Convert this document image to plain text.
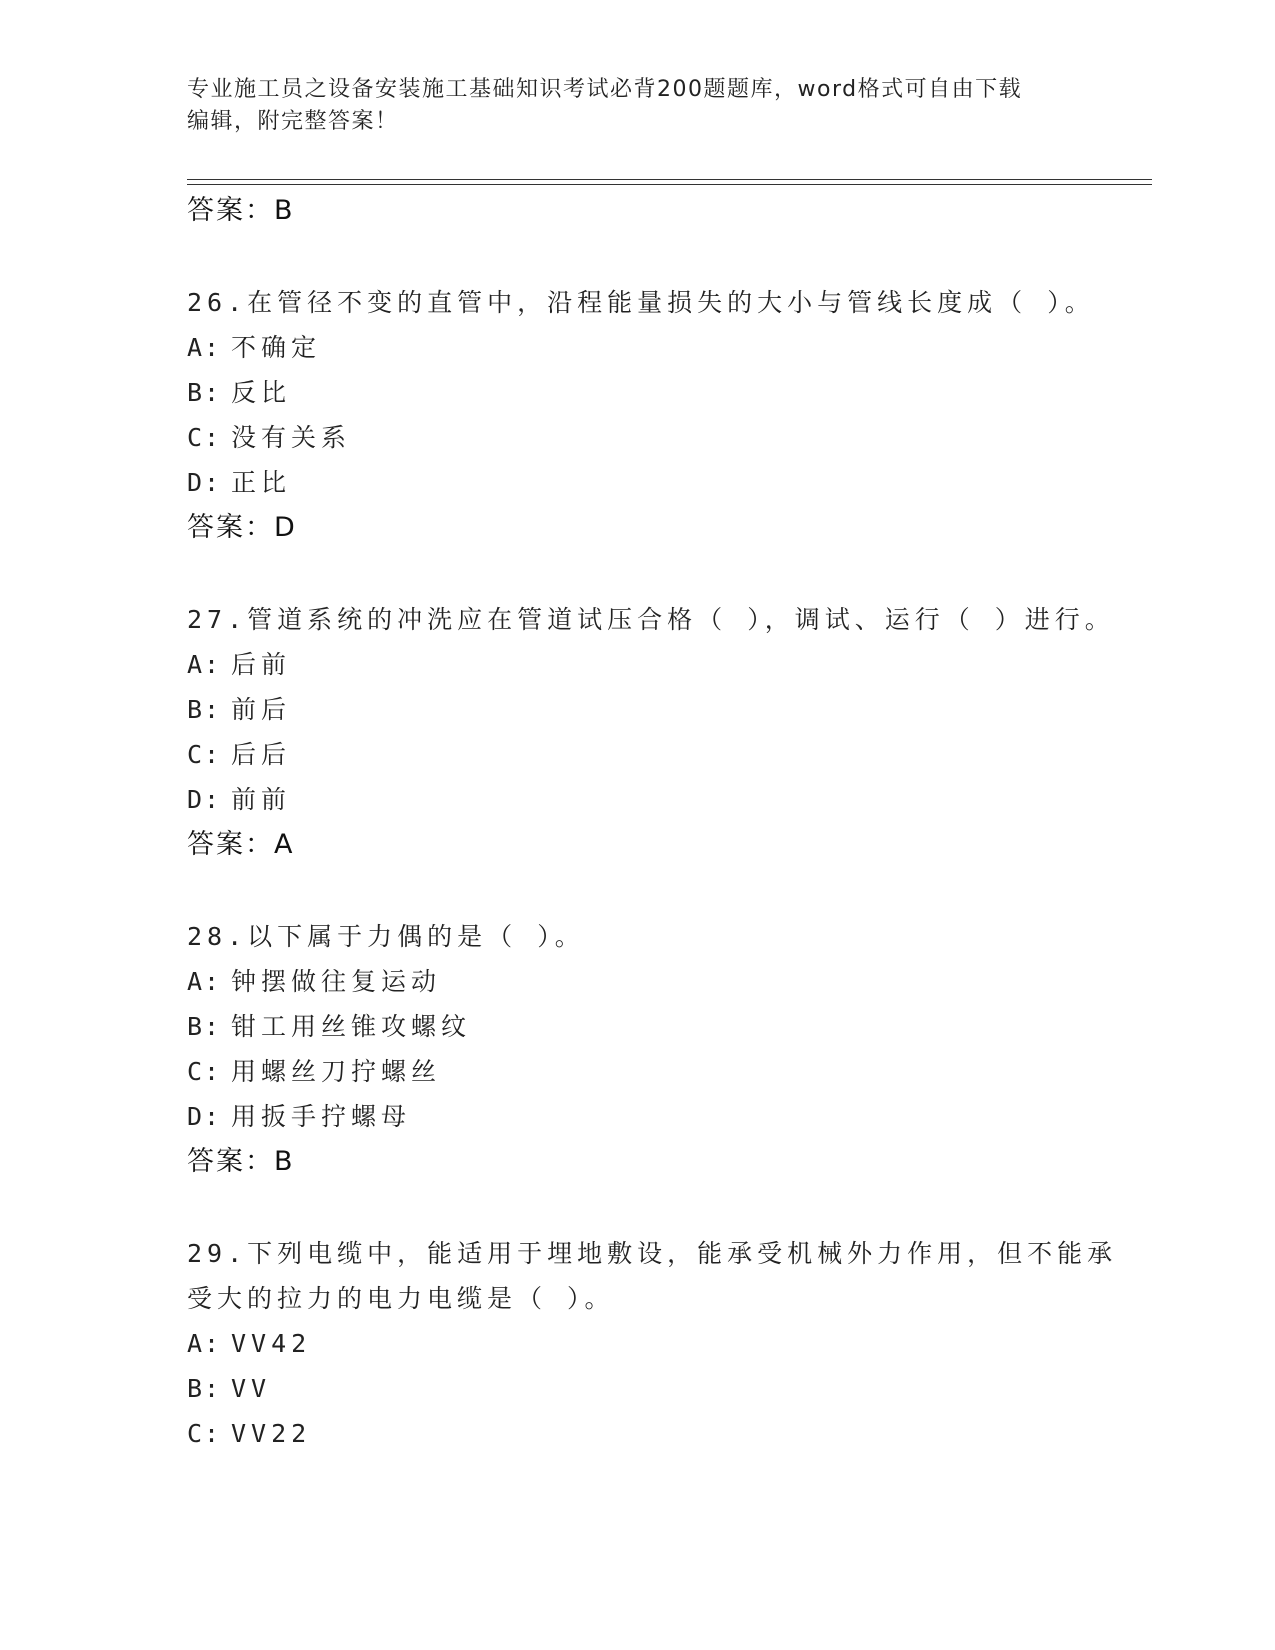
专业施工员之设备安装施工基础知识考试必背200题题库，word格式可自由下载
编辑，附完整答案！
答案：B
26.在管径不变的直管中，沿程能量损失的大小与管线长度成（ ）。
A: 不确定
B: 反比
C: 没有关系
D: 正比
答案：D
27.管道系统的冲洗应在管道试压合格（ ），调试、运行（ ）进行。
A: 后前
B: 前后
C: 后后
D: 前前
答案：A
28.以下属于力偶的是（ ）。
A: 钟摆做往复运动
B: 钳工用丝锥攻螺纹
C: 用螺丝刀拧螺丝
D: 用扳手拧螺母
答案：B
29.下列电缆中，能适用于埋地敷设，能承受机械外力作用，但不能承
受大的拉力的电力电缆是（ ）。
A: VV42
B: VV
C: VV22
